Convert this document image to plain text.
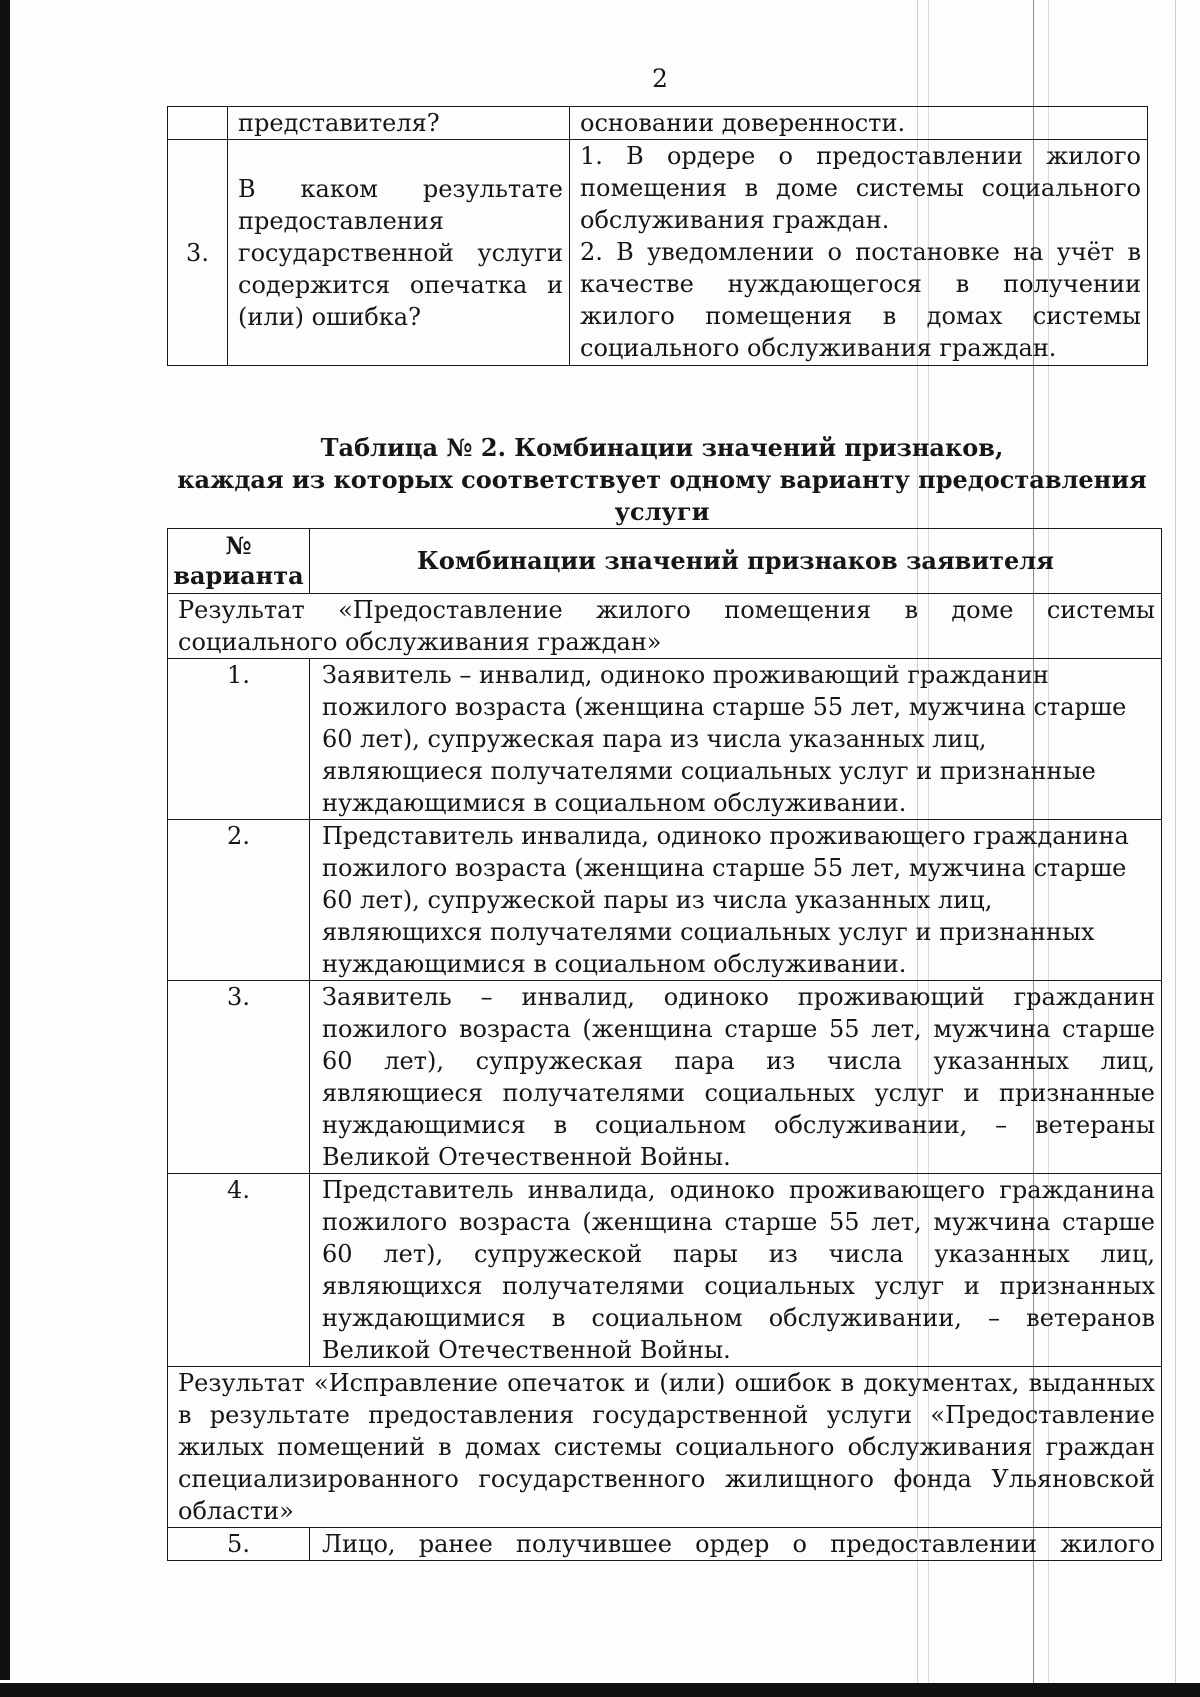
2
	представителя?	основании доверенности.
3.	В каком результате предоставления государственной услуги содержится опечатка и (или) ошибка?	1. В ордере о предоставлении жилого помещения в доме системы социального обслуживания граждан.
2. В уведомлении о постановке на учёт в качестве нуждающегося в получении жилого помещения в домах системы социального обслуживания граждан.
Таблица № 2. Комбинации значений признаков,
каждая из которых соответствует одному варианту предоставления услуги
№ варианта	Комбинации значений признаков заявителя
Результат «Предоставление жилого помещения в доме системы социального обслуживания граждан»	
1.	Заявитель – инвалид, одиноко проживающий гражданин пожилого возраста (женщина старше 55 лет, мужчина старше 60 лет), супружеская пара из числа указанных лиц, являющиеся получателями социальных услуг и признанные нуждающимися в социальном обслуживании.
2.	Представитель инвалида, одиноко проживающего гражданина пожилого возраста (женщина старше 55 лет, мужчина старше 60 лет), супружеской пары из числа указанных лиц, являющихся получателями социальных услуг и признанных нуждающимися в социальном обслуживании.
3.	Заявитель – инвалид, одиноко проживающий гражданин пожилого возраста (женщина старше 55 лет, мужчина старше 60 лет), супружеская пара из числа указанных лиц, являющиеся получателями социальных услуг и признанные нуждающимися в социальном обслуживании, – ветераны Великой Отечественной Войны.
4.	Представитель инвалида, одиноко проживающего гражданина пожилого возраста (женщина старше 55 лет, мужчина старше 60 лет), супружеской пары из числа указанных лиц, являющихся получателями социальных услуг и признанных нуждающимися в социальном обслуживании, – ветеранов Великой Отечественной Войны.
Результат «Исправление опечаток и (или) ошибок в документах, выданных в результате предоставления государственной услуги «Предоставление жилых помещений в домах системы социального обслуживания граждан специализированного государственного жилищного фонда Ульяновской области»	
5.	Лицо, ранее получившее ордер о предоставлении жилого
